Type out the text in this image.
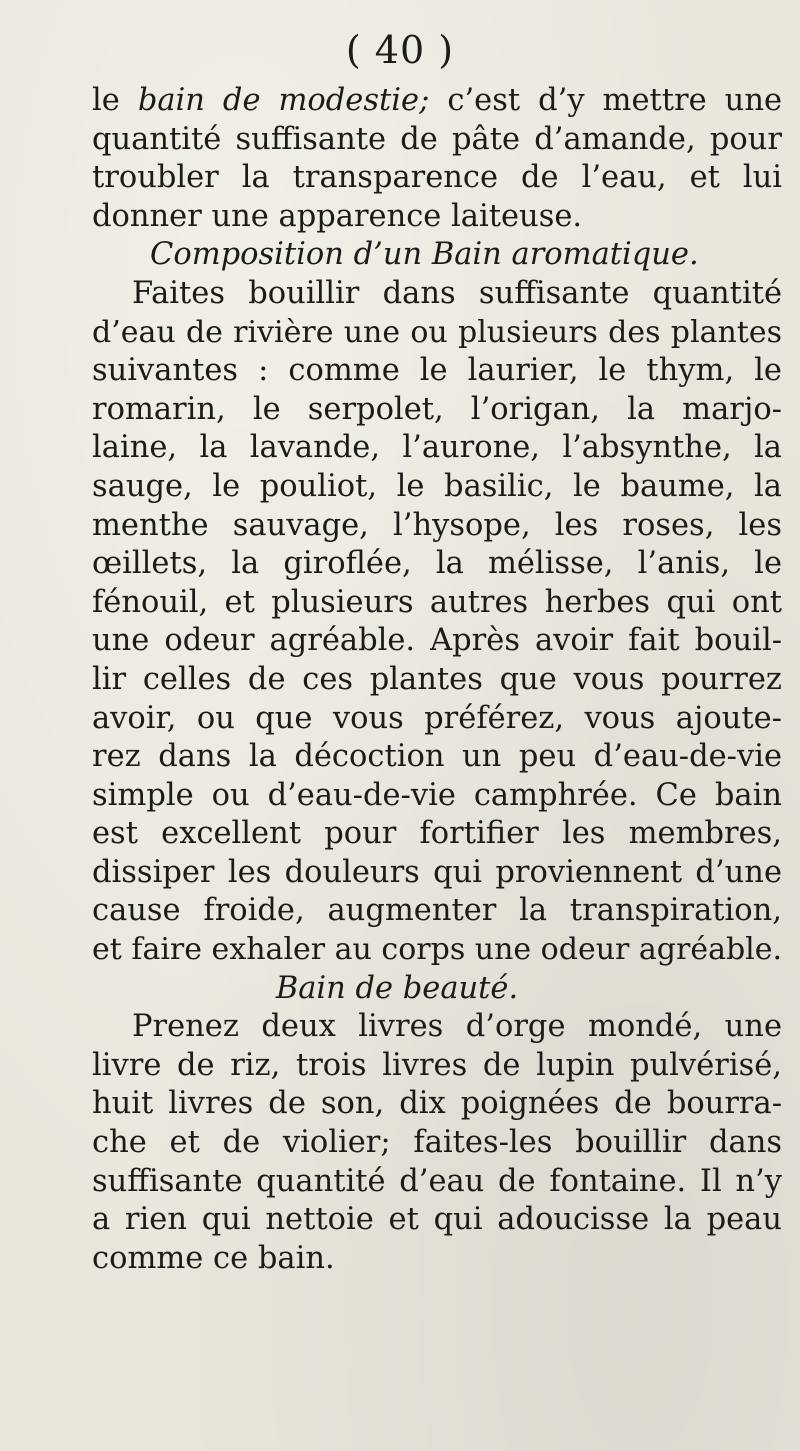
( 40 )
le bain de modestie; c’est d’y mettre une
quantité suffisante de pâte d’amande, pour
troubler la transparence de l’eau, et lui
donner une apparence laiteuse.
Composition d’un Bain aromatique.
Faites bouillir dans suffisante quantité
d’eau de rivière une ou plusieurs des plantes
suivantes : comme le laurier, le thym, le
romarin, le serpolet, l’origan, la marjo-
laine, la lavande, l’aurone, l’absynthe, la
sauge, le pouliot, le basilic, le baume, la
menthe sauvage, l’hysope, les roses, les
œillets, la giroflée, la mélisse, l’anis, le
fénouil, et plusieurs autres herbes qui ont
une odeur agréable. Après avoir fait bouil-
lir celles de ces plantes que vous pourrez
avoir, ou que vous préférez, vous ajoute-
rez dans la décoction un peu d’eau-de-vie
simple ou d’eau-de-vie camphrée. Ce bain
est excellent pour fortifier les membres,
dissiper les douleurs qui proviennent d’une
cause froide, augmenter la transpiration,
et faire exhaler au corps une odeur agréable.
Bain de beauté.
Prenez deux livres d’orge mondé, une
livre de riz, trois livres de lupin pulvérisé,
huit livres de son, dix poignées de bourra-
che et de violier; faites-les bouillir dans
suffisante quantité d’eau de fontaine. Il n’y
a rien qui nettoie et qui adoucisse la peau
comme ce bain.
